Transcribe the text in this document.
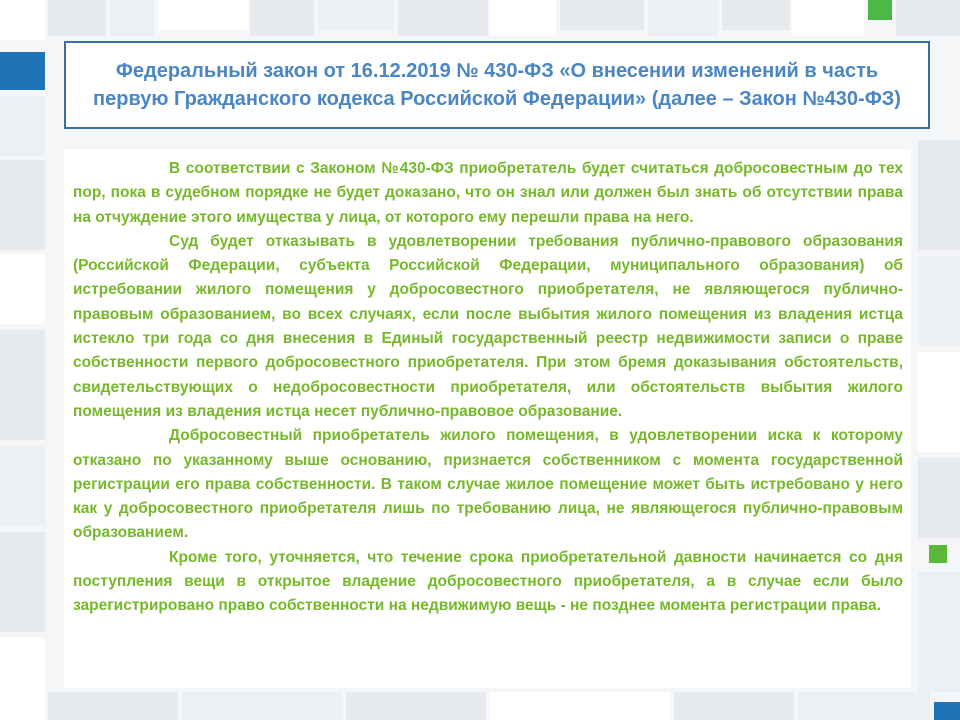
Федеральный закон от 16.12.2019 № 430-ФЗ «О внесении изменений в часть первую Гражданского кодекса Российской Федерации» (далее – Закон №430-ФЗ)

В соответствии с Законом №430-ФЗ приобретатель будет считаться добросовестным до тех пор, пока в судебном порядке не будет доказано, что он знал или должен был знать об отсутствии права на отчуждение этого имущества у лица, от которого ему перешли права на него.

Суд будет отказывать в удовлетворении требования публично-правового образования (Российской Федерации, субъекта Российской Федерации, муниципального образования) об истребовании жилого помещения у добросовестного приобретателя, не являющегося публично-правовым образованием, во всех случаях, если после выбытия жилого помещения из владения истца истекло три года со дня внесения в Единый государственный реестр недвижимости записи о праве собственности первого добросовестного приобретателя. При этом бремя доказывания обстоятельств, свидетельствующих о недобросовестности приобретателя, или обстоятельств выбытия жилого помещения из владения истца несет публично-правовое образование.

Добросовестный приобретатель жилого помещения, в удовлетворении иска к которому отказано по указанному выше основанию, признается собственником с момента государственной регистрации его права собственности. В таком случае жилое помещение может быть истребовано у него как у добросовестного приобретателя лишь по требованию лица, не являющегося публично-правовым образованием.

Кроме того, уточняется, что течение срока приобретательной давности начинается со дня поступления вещи в открытое владение добросовестного приобретателя, а в случае если было зарегистрировано право собственности на недвижимую вещь - не позднее момента регистрации права.
